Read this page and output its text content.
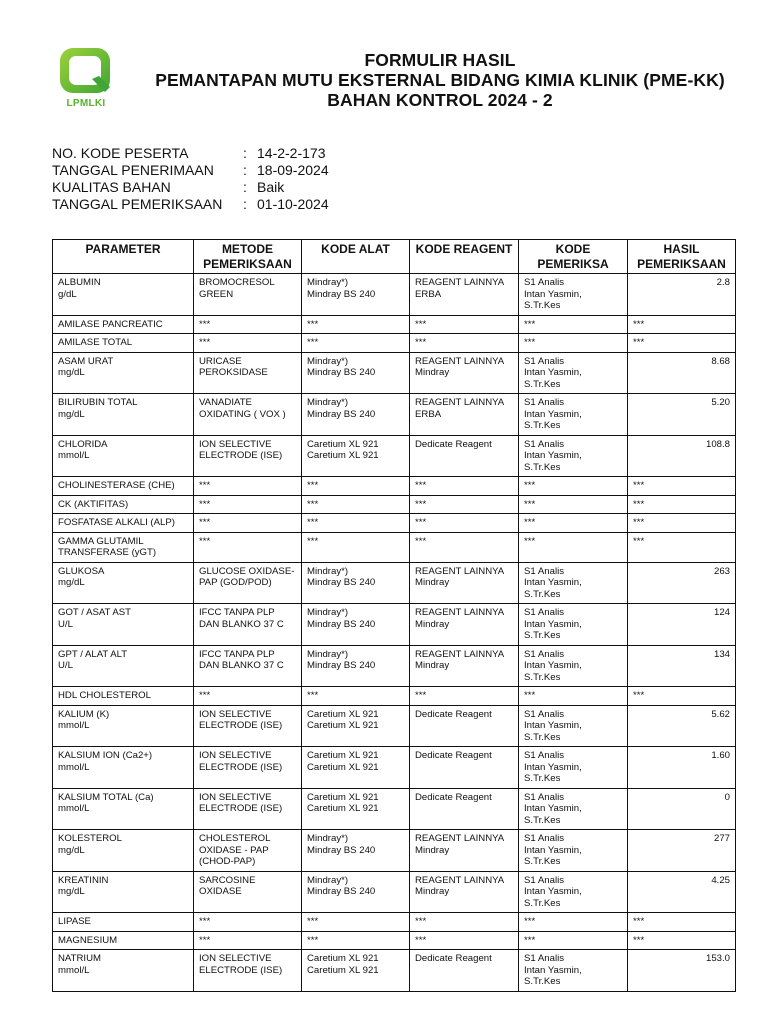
LPMLKI
FORMULIR HASIL
PEMANTAPAN MUTU EKSTERNAL BIDANG KIMIA KLINIK (PME-KK)
BAHAN KONTROL 2024 - 2
NO. KODE PESERTA	: 14-2-2-173
TANGGAL PENERIMAAN	: 18-09-2024
KUALITAS BAHAN	: Baik
TANGGAL PEMERIKSAAN	: 01-10-2024
PARAMETER	METODE
PEMERIKSAAN	KODE ALAT	KODE REAGENT	KODE
PEMERIKSA	HASIL
PEMERIKSAAN

ALBUMIN
g/dL	BROMOCRESOL
GREEN	Mindray*)
Mindray BS 240	REAGENT LAINNYA
ERBA	S1 Analis
Intan Yasmin,
S.Tr.Kes	2.8

AMILASE PANCREATIC	***	***	***	***	***

AMILASE TOTAL	***	***	***	***	***

ASAM URAT
mg/dL	URICASE
PEROKSIDASE	Mindray*)
Mindray BS 240	REAGENT LAINNYA
Mindray	S1 Analis
Intan Yasmin,
S.Tr.Kes	8.68

BILIRUBIN TOTAL
mg/dL	VANADIATE
OXIDATING ( VOX )	Mindray*)
Mindray BS 240	REAGENT LAINNYA
ERBA	S1 Analis
Intan Yasmin,
S.Tr.Kes	5.20

CHLORIDA
mmol/L	ION SELECTIVE
ELECTRODE (ISE)	Caretium XL 921
Caretium XL 921	Dedicate Reagent	S1 Analis
Intan Yasmin,
S.Tr.Kes	108.8

CHOLINESTERASE (CHE)	***	***	***	***	***

CK (AKTIFITAS)	***	***	***	***	***

FOSFATASE ALKALI (ALP)	***	***	***	***	***

GAMMA GLUTAMIL
TRANSFERASE (yGT)	***	***	***	***	***

GLUKOSA
mg/dL	GLUCOSE OXIDASE-
PAP (GOD/POD)	Mindray*)
Mindray BS 240	REAGENT LAINNYA
Mindray	S1 Analis
Intan Yasmin,
S.Tr.Kes	263

GOT / ASAT AST
U/L	IFCC TANPA PLP
DAN BLANKO 37 C	Mindray*)
Mindray BS 240	REAGENT LAINNYA
Mindray	S1 Analis
Intan Yasmin,
S.Tr.Kes	124

GPT / ALAT ALT
U/L	IFCC TANPA PLP
DAN BLANKO 37 C	Mindray*)
Mindray BS 240	REAGENT LAINNYA
Mindray	S1 Analis
Intan Yasmin,
S.Tr.Kes	134

HDL CHOLESTEROL	***	***	***	***	***

KALIUM (K)
mmol/L	ION SELECTIVE
ELECTRODE (ISE)	Caretium XL 921
Caretium XL 921	Dedicate Reagent	S1 Analis
Intan Yasmin,
S.Tr.Kes	5.62

KALSIUM ION (Ca2+)
mmol/L	ION SELECTIVE
ELECTRODE (ISE)	Caretium XL 921
Caretium XL 921	Dedicate Reagent	S1 Analis
Intan Yasmin,
S.Tr.Kes	1.60

KALSIUM TOTAL (Ca)
mmol/L	ION SELECTIVE
ELECTRODE (ISE)	Caretium XL 921
Caretium XL 921	Dedicate Reagent	S1 Analis
Intan Yasmin,
S.Tr.Kes	0

KOLESTEROL
mg/dL	CHOLESTEROL
OXIDASE - PAP
(CHOD-PAP)	Mindray*)
Mindray BS 240	REAGENT LAINNYA
Mindray	S1 Analis
Intan Yasmin,
S.Tr.Kes	277

KREATININ
mg/dL	SARCOSINE
OXIDASE	Mindray*)
Mindray BS 240	REAGENT LAINNYA
Mindray	S1 Analis
Intan Yasmin,
S.Tr.Kes	4.25

LIPASE	***	***	***	***	***

MAGNESIUM	***	***	***	***	***

NATRIUM
mmol/L	ION SELECTIVE
ELECTRODE (ISE)	Caretium XL 921
Caretium XL 921	Dedicate Reagent	S1 Analis
Intan Yasmin,
S.Tr.Kes	153.0
